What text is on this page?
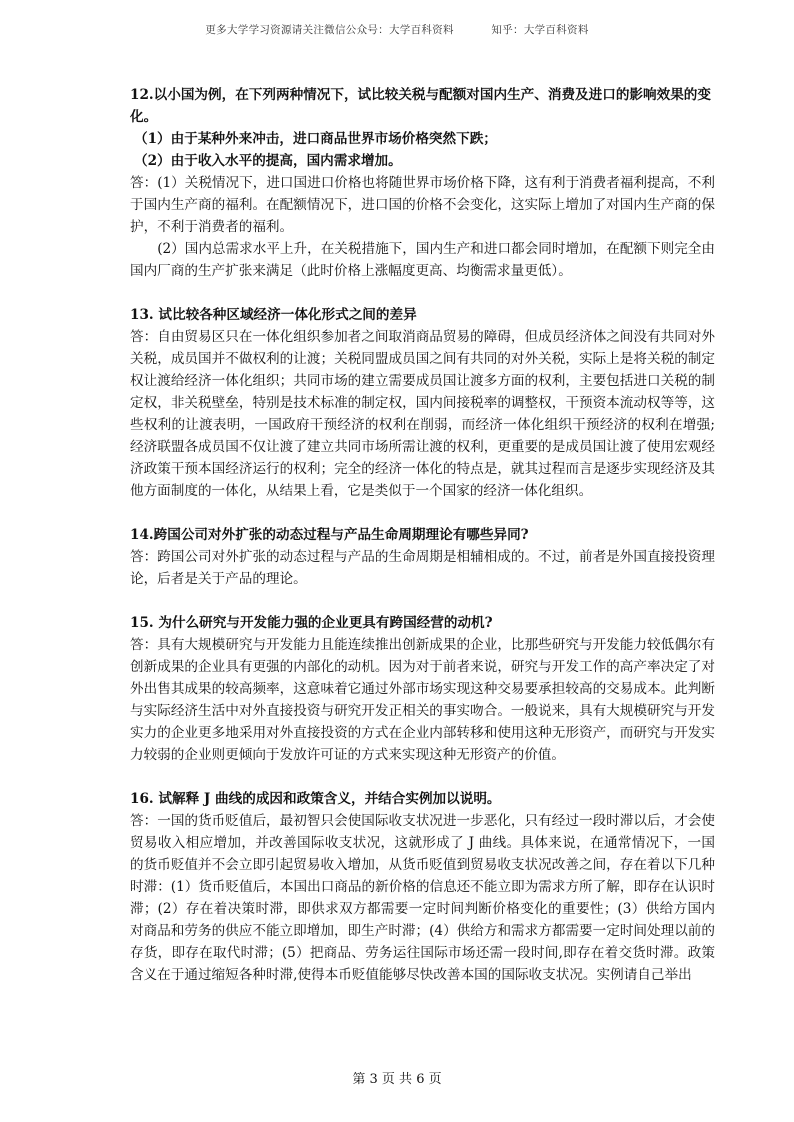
更多大学学习资源请关注微信公众号：大学百科资料	知乎：大学百科资料

12.以小国为例，在下列两种情况下，试比较关税与配额对国内生产、消费及进口的影响效果的变化。

（1）由于某种外来冲击，进口商品世界市场价格突然下跌；

（2）由于收入水平的提高，国内需求增加。

答：(1）关税情况下，进口国进口价格也将随世界市场价格下降，这有利于消费者福利提高，不利于国内生产商的福利。在配额情况下，进口国的价格不会变化，这实际上增加了对国内生产商的保护，不利于消费者的福利。

(2）国内总需求水平上升，在关税措施下，国内生产和进口都会同时增加，在配额下则完全由国内厂商的生产扩张来满足（此时价格上涨幅度更高、均衡需求量更低）。

13. 试比较各种区域经济一体化形式之间的差异

答：自由贸易区只在一体化组织参加者之间取消商品贸易的障碍，但成员经济体之间没有共同对外关税，成员国并不做权利的让渡；关税同盟成员国之间有共同的对外关税，实际上是将关税的制定权让渡给经济一体化组织；共同市场的建立需要成员国让渡多方面的权利，主要包括进口关税的制定权，非关税壁垒，特别是技术标准的制定权，国内间接税率的调整权，干预资本流动权等等，这些权利的让渡表明，一国政府干预经济的权利在削弱，而经济一体化组织干预经济的权利在增强;经济联盟各成员国不仅让渡了建立共同市场所需让渡的权利，更重要的是成员国让渡了使用宏观经济政策干预本国经济运行的权利；完全的经济一体化的特点是，就其过程而言是逐步实现经济及其他方面制度的一体化，从结果上看，它是类似于一个国家的经济一体化组织。

14.跨国公司对外扩张的动态过程与产品生命周期理论有哪些异同?

答：跨国公司对外扩张的动态过程与产品的生命周期是相辅相成的。不过，前者是外国直接投资理论，后者是关于产品的理论。

15. 为什么研究与开发能力强的企业更具有跨国经营的动机?

答：具有大规模研究与开发能力且能连续推出创新成果的企业，比那些研究与开发能力较低偶尔有创新成果的企业具有更强的内部化的动机。因为对于前者来说，研究与开发工作的高产率决定了对外出售其成果的较高频率，这意味着它通过外部市场实现这种交易要承担较高的交易成本。此判断与实际经济生活中对外直接投资与研究开发正相关的事实吻合。一般说来，具有大规模研究与开发实力的企业更多地采用对外直接投资的方式在企业内部转移和使用这种无形资产，而研究与开发实力较弱的企业则更倾向于发放许可证的方式来实现这种无形资产的价值。

16. 试解释 J 曲线的成因和政策含义，并结合实例加以说明。

答：一国的货币贬值后，最初智只会使国际收支状况进一步恶化，只有经过一段时滞以后，才会使贸易收入相应增加，并改善国际收支状况，这就形成了 J 曲线。具体来说，在通常情况下，一国的货币贬值并不会立即引起贸易收入增加，从货币贬值到贸易收支状况改善之间，存在着以下几种时滞：(1）货币贬值后，本国出口商品的新价格的信息还不能立即为需求方所了解，即存在认识时滞；(2）存在着决策时滞，即供求双方都需要一定时间判断价格变化的重要性；(3）供给方国内对商品和劳务的供应不能立即增加，即生产时滞；(4）供给方和需求方都需要一定时间处理以前的存货，即存在取代时滞；(5）把商品、劳务运往国际市场还需一段时间,即存在着交货时滞。政策含义在于通过缩短各种时滞,使得本币贬值能够尽快改善本国的国际收支状况。实例请自己举出

第 3 页 共 6 页
